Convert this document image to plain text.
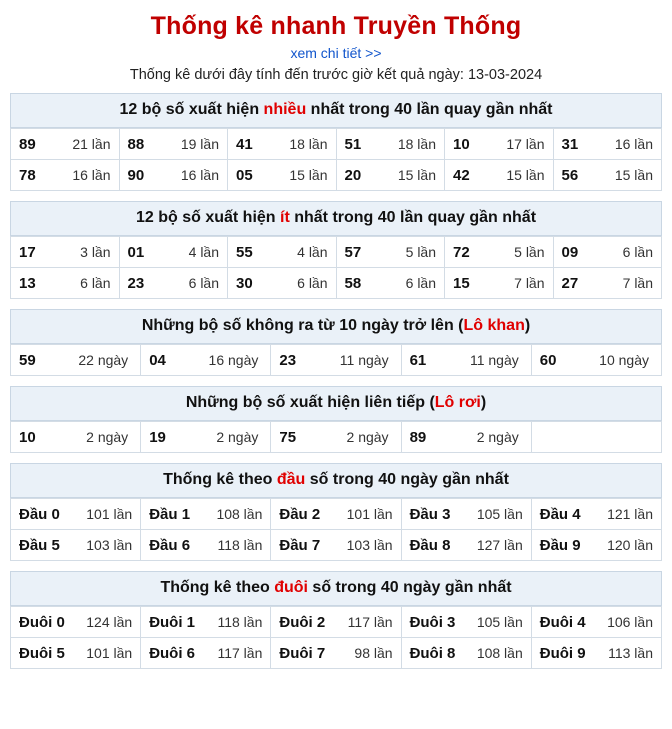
Thống kê nhanh Truyền Thống
xem chi tiết >>
Thống kê dưới đây tính đến trước giờ kết quả ngày: 13-03-2024
12 bộ số xuất hiện nhiều nhất trong 40 lần quay gần nhất
89 21 lần	88 19 lần	41 18 lần	51 18 lần	10 17 lần	31 16 lần

78 16 lần	90 16 lần	05 15 lần	20 15 lần	42 15 lần	56 15 lần
12 bộ số xuất hiện ít nhất trong 40 lần quay gần nhất
17 3 lần	01 4 lần	55 4 lần	57 5 lần	72 5 lần	09 6 lần

13 6 lần	23 6 lần	30 6 lần	58 6 lần	15 7 lần	27 7 lần
Những bộ số không ra từ 10 ngày trở lên (Lô khan)
59	22 ngày	04	16 ngày	23	11 ngày	61	11 ngày	60	10 ngày
Những bộ số xuất hiện liên tiếp (Lô rơi)
10	2 ngày	19	2 ngày	75	2 ngày	89	2 ngày

Thống kê theo đầu số trong 40 ngày gần nhất
Đầu 0 101 lần	Đầu 1 108 lần	Đầu 2 101 lần	Đầu 3 105 lần	Đầu 4 121 lần

Đầu 5 103 lần	Đầu 6 118 lần	Đầu 7 103 lần	Đầu 8 127 lần	Đầu 9 120 lần
Thống kê theo đuôi số trong 40 ngày gần nhất
Đuôi 0 124 lần	Đuôi 1 118 lần	Đuôi 2 117 lần	Đuôi 3 105 lần	Đuôi 4 106 lần

Đuôi 5 101 lần	Đuôi 6 117 lần	Đuôi 7 98 lần	Đuôi 8 108 lần	Đuôi 9 113 lần
